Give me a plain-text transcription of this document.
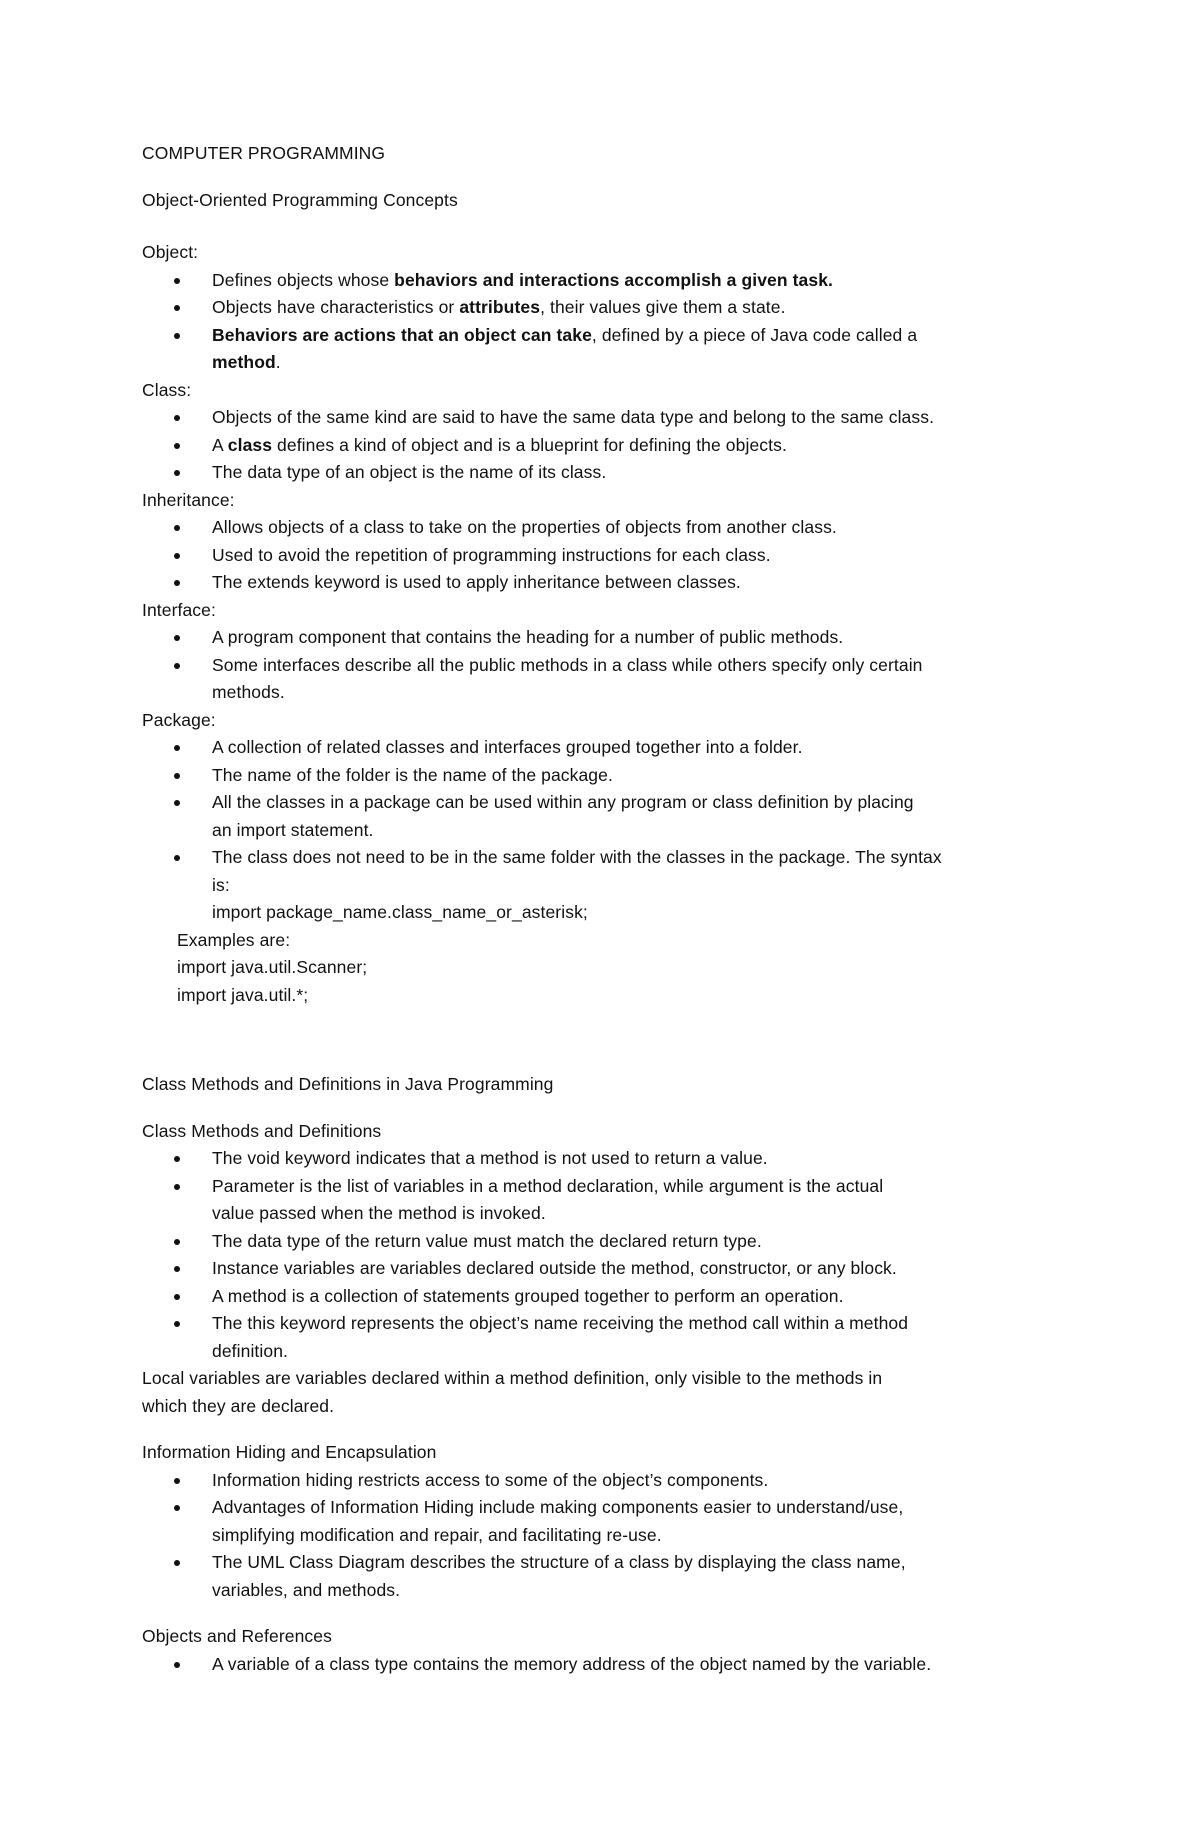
COMPUTER PROGRAMMING
Object-Oriented Programming Concepts
Object:
Defines objects whose behaviors and interactions accomplish a given task.
Objects have characteristics or attributes, their values give them a state.
Behaviors are actions that an object can take, defined by a piece of Java code called a
method.
Class:
Objects of the same kind are said to have the same data type and belong to the same class.
A class defines a kind of object and is a blueprint for defining the objects.
The data type of an object is the name of its class.
Inheritance:
Allows objects of a class to take on the properties of objects from another class.
Used to avoid the repetition of programming instructions for each class.
The extends keyword is used to apply inheritance between classes.
Interface:
A program component that contains the heading for a number of public methods.
Some interfaces describe all the public methods in a class while others specify only certain
methods.
Package:
A collection of related classes and interfaces grouped together into a folder.
The name of the folder is the name of the package.
All the classes in a package can be used within any program or class definition by placing
an import statement.
The class does not need to be in the same folder with the classes in the package. The syntax
is:
import package_name.class_name_or_asterisk;
Examples are:
import java.util.Scanner;
import java.util.*;
Class Methods and Definitions in Java Programming
Class Methods and Definitions
The void keyword indicates that a method is not used to return a value.
Parameter is the list of variables in a method declaration, while argument is the actual
value passed when the method is invoked.
The data type of the return value must match the declared return type.
Instance variables are variables declared outside the method, constructor, or any block.
A method is a collection of statements grouped together to perform an operation.
The this keyword represents the object’s name receiving the method call within a method
definition.
Local variables are variables declared within a method definition, only visible to the methods in
which they are declared.
Information Hiding and Encapsulation
Information hiding restricts access to some of the object’s components.
Advantages of Information Hiding include making components easier to understand/use,
simplifying modification and repair, and facilitating re-use.
The UML Class Diagram describes the structure of a class by displaying the class name,
variables, and methods.
Objects and References
A variable of a class type contains the memory address of the object named by the variable.
